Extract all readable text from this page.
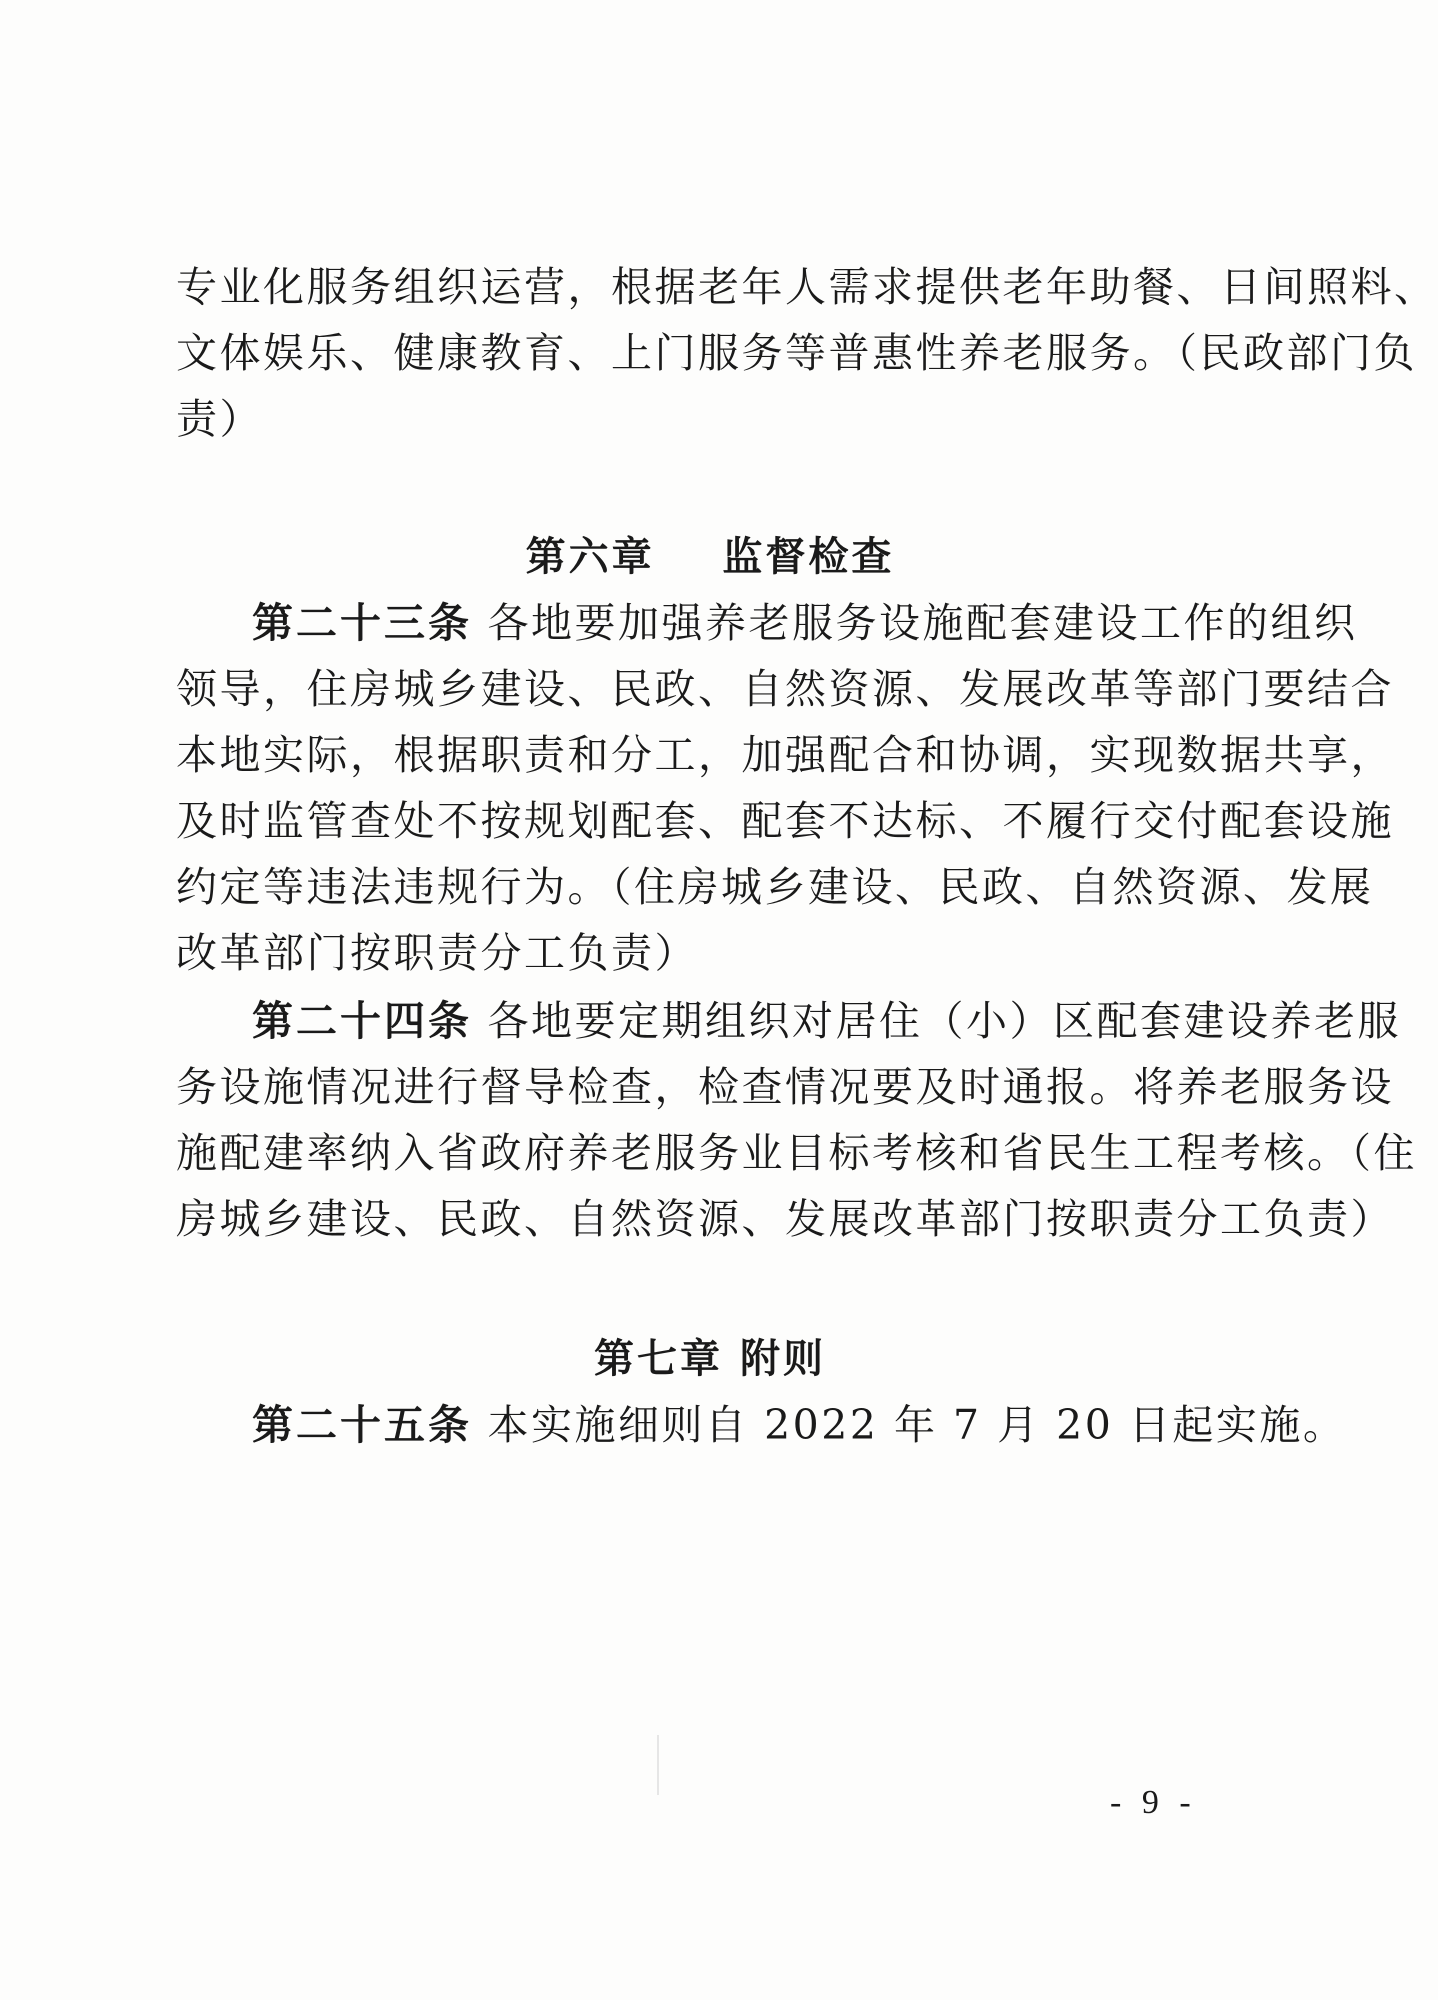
专业化服务组织运营，根据老年人需求提供老年助餐、日间照料、
文体娱乐、健康教育、上门服务等普惠性养老服务。（民政部门负
责）
第六章 监督检查
第二十三条 各地要加强养老服务设施配套建设工作的组织
领导，住房城乡建设、民政、自然资源、发展改革等部门要结合
本地实际，根据职责和分工，加强配合和协调，实现数据共享，
及时监管查处不按规划配套、配套不达标、不履行交付配套设施
约定等违法违规行为。（住房城乡建设、民政、自然资源、发展
改革部门按职责分工负责）
第二十四条 各地要定期组织对居住（小）区配套建设养老服
务设施情况进行督导检查，检查情况要及时通报。将养老服务设
施配建率纳入省政府养老服务业目标考核和省民生工程考核。（住
房城乡建设、民政、自然资源、发展改革部门按职责分工负责）
第七章 附则
第二十五条 本实施细则自 2022 年 7 月 20 日起实施。
- 9 -
